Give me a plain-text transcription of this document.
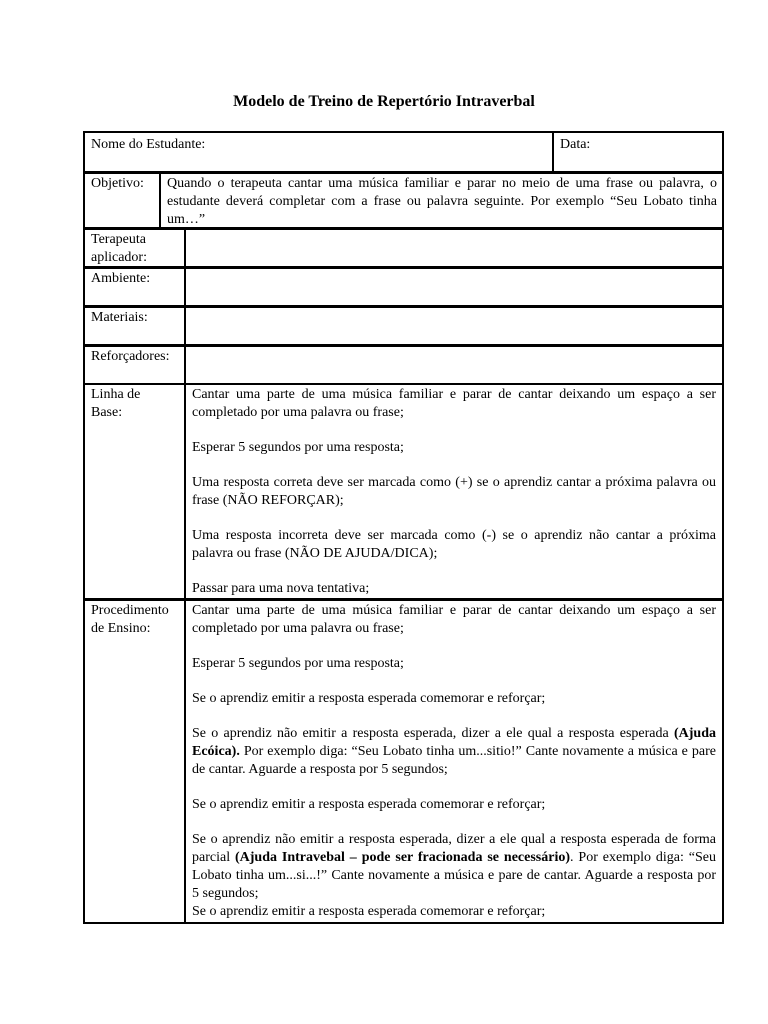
Modelo de Treino de Repertório Intraverbal
Nome do Estudante:	Data:
Objetivo:	Quando o terapeuta cantar uma música familiar e parar no meio de uma frase ou palavra, o estudante deverá completar com a frase ou palavra seguinte. Por exemplo “Seu Lobato tinha um…”
Terapeuta aplicador:
Ambiente:
Materiais:
Reforçadores:
Linha de Base:

Cantar uma parte de uma música familiar e parar de cantar deixando um espaço a ser completado por uma palavra ou frase;

Esperar 5 segundos por uma resposta;

Uma resposta correta deve ser marcada como (+) se o aprendiz cantar a próxima palavra ou frase (NÃO REFORÇAR);

Uma resposta incorreta deve ser marcada como (-) se o aprendiz não cantar a próxima palavra ou frase (NÃO DE AJUDA/DICA);

Passar para uma nova tentativa;

Procedimento de Ensino:

Cantar uma parte de uma música familiar e parar de cantar deixando um espaço a ser completado por uma palavra ou frase;

Esperar 5 segundos por uma resposta;

Se o aprendiz emitir a resposta esperada comemorar e reforçar;

Se o aprendiz não emitir a resposta esperada, dizer a ele qual a resposta esperada (Ajuda Ecóica). Por exemplo diga: “Seu Lobato tinha um...sitio!” Cante novamente a música e pare de cantar. Aguarde a resposta por 5 segundos;

Se o aprendiz emitir a resposta esperada comemorar e reforçar;

Se o aprendiz não emitir a resposta esperada, dizer a ele qual a resposta esperada de forma parcial (Ajuda Intravebal – pode ser fracionada se necessário). Por exemplo diga: “Seu Lobato tinha um...si...!” Cante novamente a música e pare de cantar. Aguarde a resposta por 5 segundos;

Se o aprendiz emitir a resposta esperada comemorar e reforçar;
